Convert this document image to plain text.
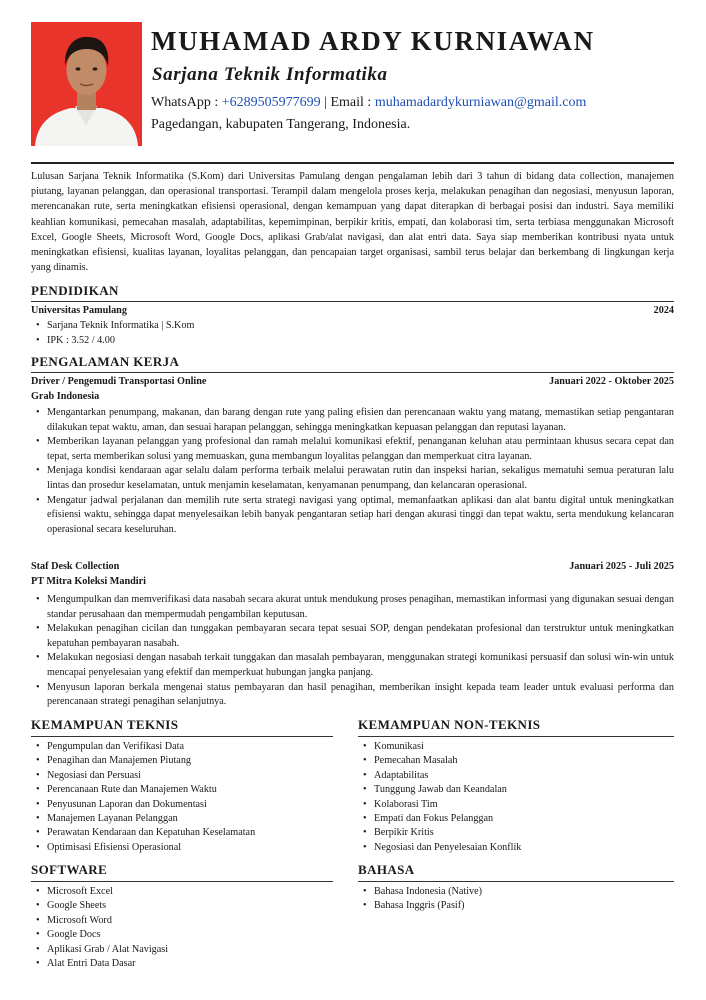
MUHAMAD ARDY KURNIAWAN
Sarjana Teknik Informatika
WhatsApp : +6289505977699 | Email : muhamadardykurniawan@gmail.com
Pagedangan, kabupaten Tangerang, Indonesia.
Lulusan Sarjana Teknik Informatika (S.Kom) dari Universitas Pamulang dengan pengalaman lebih dari 3 tahun di bidang data collection, manajemen piutang, layanan pelanggan, dan operasional transportasi. Terampil dalam mengelola proses kerja, melakukan penagihan dan negosiasi, menyusun laporan, merencanakan rute, serta meningkatkan efisiensi operasional, dengan kemampuan yang dapat diterapkan di berbagai posisi dan industri. Saya memiliki keahlian komunikasi, pemecahan masalah, adaptabilitas, kepemimpinan, berpikir kritis, empati, dan kolaborasi tim, serta terbiasa menggunakan Microsoft Excel, Google Sheets, Microsoft Word, Google Docs, aplikasi Grab/alat navigasi, dan alat entri data. Saya siap memberikan kontribusi nyata untuk meningkatkan efisiensi, kualitas layanan, loyalitas pelanggan, dan pencapaian target organisasi, sambil terus belajar dan berkembang di lingkungan kerja yang dinamis.
PENDIDIKAN
Universitas Pamulang	2024
• Sarjana Teknik Informatika | S.Kom
• IPK : 3.52 / 4.00
PENGALAMAN KERJA
Driver / Pengemudi Transportasi Online	Januari 2022 - Oktober 2025
Grab Indonesia
• Mengantarkan penumpang, makanan, dan barang dengan rute yang paling efisien dan perencanaan waktu yang matang, memastikan setiap pengantaran dilakukan tepat waktu, aman, dan sesuai harapan pelanggan, sehingga meningkatkan kepuasan pelanggan dan reputasi layanan.
• Memberikan layanan pelanggan yang profesional dan ramah melalui komunikasi efektif, penanganan keluhan atau permintaan khusus secara cepat dan tepat, serta memberikan solusi yang memuaskan, guna membangun loyalitas pelanggan dan memperkuat citra layanan.
• Menjaga kondisi kendaraan agar selalu dalam performa terbaik melalui perawatan rutin dan inspeksi harian, sekaligus mematuhi semua peraturan lalu lintas dan prosedur keselamatan, untuk menjamin keselamatan, kenyamanan penumpang, dan kelancaran operasional.
• Mengatur jadwal perjalanan dan memilih rute serta strategi navigasi yang optimal, memanfaatkan aplikasi dan alat bantu digital untuk meningkatkan efisiensi waktu, sehingga dapat menyelesaikan lebih banyak pengantaran setiap hari dengan akurasi tinggi dan tepat waktu, serta mendukung kelancaran operasional secara keseluruhan.
Staf Desk Collection	Januari 2025 - Juli 2025
PT Mitra Koleksi Mandiri
• Mengumpulkan dan memverifikasi data nasabah secara akurat untuk mendukung proses penagihan, memastikan informasi yang digunakan sesuai dengan standar perusahaan dan mempermudah pengambilan keputusan.
• Melakukan penagihan cicilan dan tunggakan pembayaran secara tepat sesuai SOP, dengan pendekatan profesional dan terstruktur untuk meningkatkan kepatuhan pembayaran nasabah.
• Melakukan negosiasi dengan nasabah terkait tunggakan dan masalah pembayaran, menggunakan strategi komunikasi persuasif dan solusi win-win untuk mencapai penyelesaian yang efektif dan memperkuat hubungan jangka panjang.
• Menyusun laporan berkala mengenai status pembayaran dan hasil penagihan, memberikan insight kepada team leader untuk evaluasi performa dan perencanaan strategi penagihan selanjutnya.
KEMAMPUAN TEKNIS
• Pengumpulan dan Verifikasi Data
• Penagihan dan Manajemen Piutang
• Negosiasi dan Persuasi
• Perencanaan Rute dan Manajemen Waktu
• Penyusunan Laporan dan Dokumentasi
• Manajemen Layanan Pelanggan
• Perawatan Kendaraan dan Kepatuhan Keselamatan
• Optimisasi Efisiensi Operasional
KEMAMPUAN NON-TEKNIS
• Komunikasi
• Pemecahan Masalah
• Adaptabilitas
• Tunggung Jawab dan Keandalan
• Kolaborasi Tim
• Empati dan Fokus Pelanggan
• Berpikir Kritis
• Negosiasi dan Penyelesaian Konflik
SOFTWARE
• Microsoft Excel
• Google Sheets
• Microsoft Word
• Google Docs
• Aplikasi Grab / Alat Navigasi
• Alat Entri Data Dasar
BAHASA
• Bahasa Indonesia (Native)
• Bahasa Inggris (Pasif)
